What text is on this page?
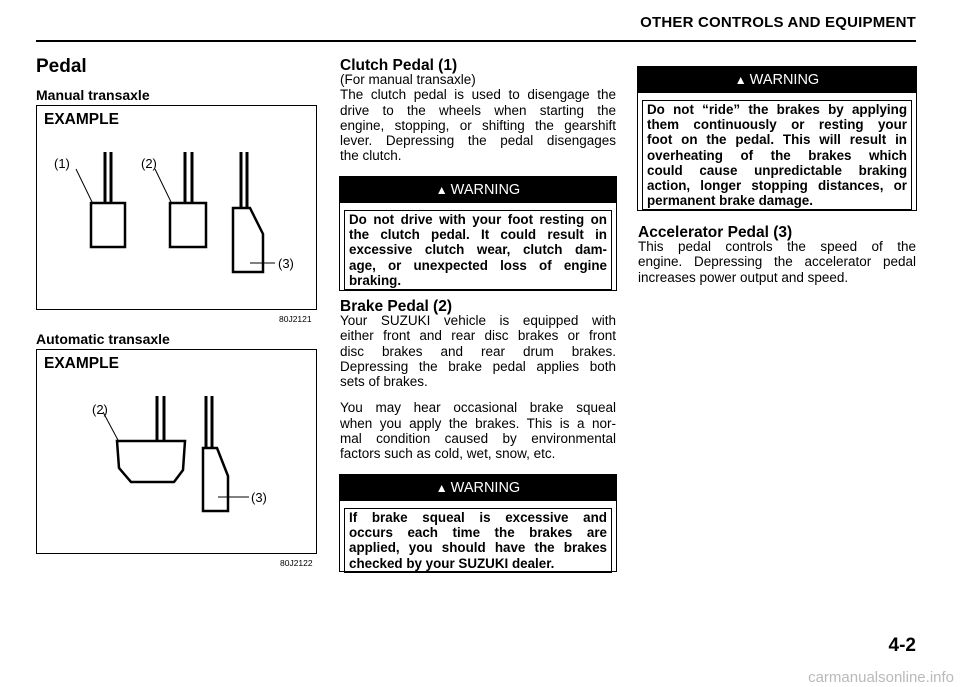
OTHER CONTROLS AND EQUIPMENT
Pedal
Manual transaxle
EXAMPLE
(1)	(2)
(3)
80J2121
Automatic transaxle
EXAMPLE
(2)
(3)
80J2122
Clutch Pedal (1)
(For manual transaxle)
The clutch pedal is used to disengage the
drive to the wheels when starting the
engine, stopping, or shifting the gearshift
lever. Depressing the pedal disengages
the clutch.
▲ WARNING
Do not drive with your foot resting on
the clutch pedal. It could result in
excessive clutch wear, clutch dam-
age, or unexpected loss of engine
braking.
Brake Pedal (2)
Your SUZUKI vehicle is equipped with
either front and rear disc brakes or front
disc brakes and rear drum brakes.
Depressing the brake pedal applies both
sets of brakes.
You may hear occasional brake squeal
when you apply the brakes. This is a nor-
mal condition caused by environmental
factors such as cold, wet, snow, etc.
▲ WARNING
If brake squeal is excessive and
occurs each time the brakes are
applied, you should have the brakes
checked by your SUZUKI dealer.
▲ WARNING
Do not “ride” the brakes by applying
them continuously or resting your
foot on the pedal. This will result in
overheating of the brakes which
could cause unpredictable braking
action, longer stopping distances, or
permanent brake damage.
Accelerator Pedal (3)
This pedal controls the speed of the
engine. Depressing the accelerator pedal
increases power output and speed.
4-2
carmanualsonline.info
